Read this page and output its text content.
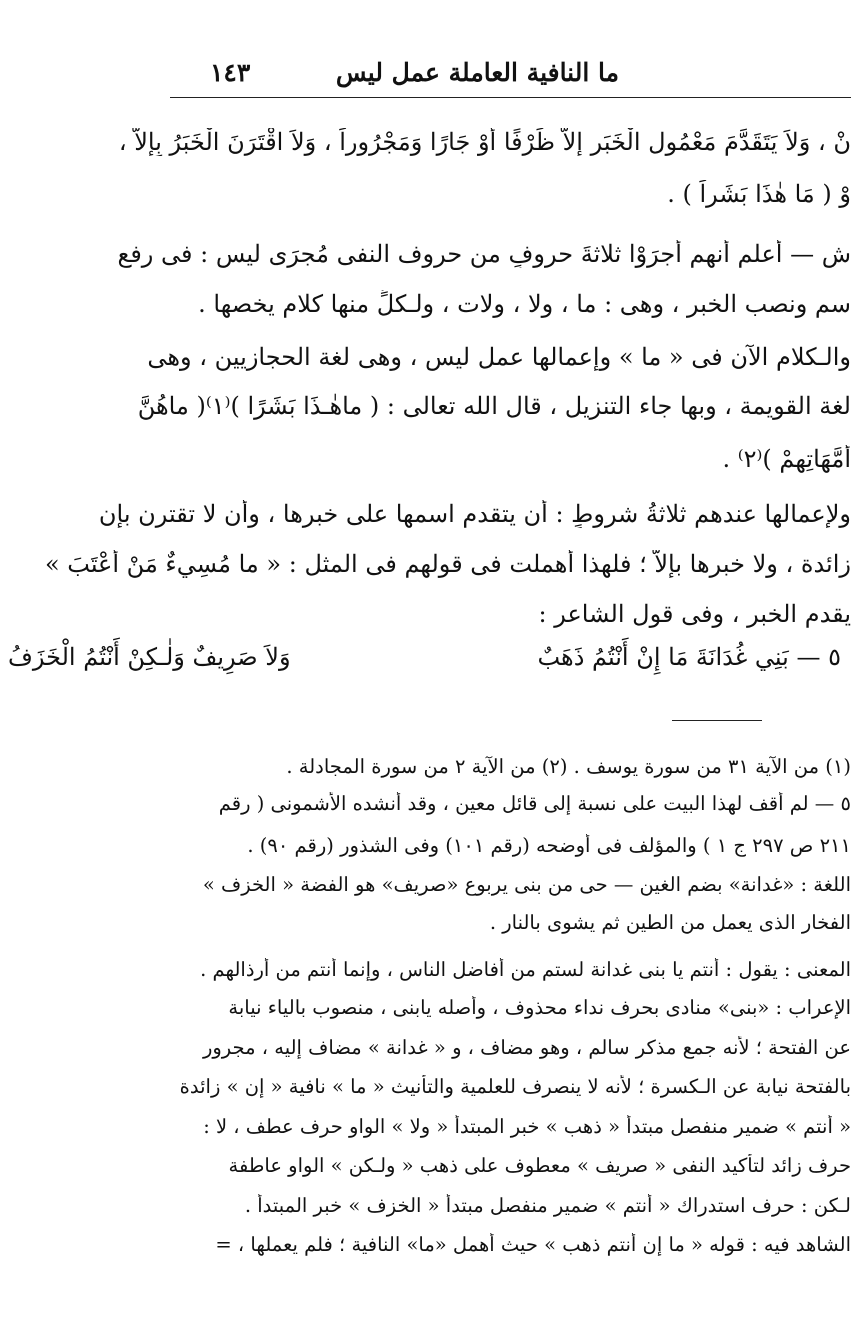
ما النافية العاملة عمل ليس
١٤٣
نْ ، وَلاَ يَتَقَدَّمَ مَعْمُولِ الْخَبَرِ إِلاَّ ظَرْفًا أَوْ جَارًا وَمَجْرُوراً ، وَلاَ اقْتَرَنَ الْخَبَرُ بِإِلاَّ ،
وْ ( مَا هٰذَا بَشَراً ) .
ش — أعلم أنهم أجرَوْا ثلاثةَ حروفٍ من حروف النفى مُجرَى ليس : فى رفع
سم ونصب الخبر ، وهى : ما ، ولا ، ولات ، ولـكلٍّ منها كلام يخصها .
والـكلام الآن فى « ما » وإعمالها عمل ليس ، وهى لغة الحجازيين ، وهى
لغة القويمة ، وبها جاء التنزيل ، قال الله تعالى : ( ماهٰـذَا بَشَرًا )⁽١⁾( ماهُنَّ
أُمَّهَاتِهِمْ )⁽٢⁾ .
ولإعمالها عندهم ثلاثةُ شروطٍ : أن يتقدم اسمها على خبرها ، وأن لا تقترن بإن
زائدة ، ولا خبرها بإلاَّ ؛ فلهذا أهملت فى قولهم فى المثل : « ما مُسِيءٌ مَنْ أَعْتَبَ »
يقدم الخبر ، وفى قول الشاعر :
٥ — بَنِي غُدَانَةَ مَا إِنْ أَنْتُمُ ذَهَبٌ
وَلاَ صَرِيفٌ وَلٰـكِنْ أَنْتُمُ الْخَزَفُ
(١) من الآية ٣١ من سورة يوسف . (٢) من الآية ٢ من سورة المجادلة .
٥ — لم أقف لهذا البيت على نسبة إلى قائل معين ، وقد أنشده الأشمونى ( رقم
٢١١ ص ٢٩٧ ج ١ ) والمؤلف فى أوضحه (رقم ١٠١) وفى الشذور (رقم ٩٠) .
اللغة : «غدانة» بضم الغين — حى من بنى يربوع «صريف» هو الفضة « الخزف »
الفخار الذى يعمل من الطين ثم يشوى بالنار .
المعنى : يقول : أنتم يا بنى غدانة لستم من أفاضل الناس ، وإنما أنتم من أرذالهم .
الإعراب : «بنى» منادى بحرف نداء محذوف ، وأصله يابنى ، منصوب بالياء نيابة
عن الفتحة ؛ لأنه جمع مذكر سالم ، وهو مضاف ، و « غدانة » مضاف إليه ، مجرور
بالفتحة نيابة عن الـكسرة ؛ لأنه لا ينصرف للعلمية والتأنيث « ما » نافية « إن » زائدة
« أنتم » ضمير منفصل مبتدأ « ذهب » خبر المبتدأ « ولا » الواو حرف عطف ، لا :
حرف زائد لتأكيد النفى « صريف » معطوف على ذهب « ولـكن » الواو عاطفة
لـكن : حرف استدراك « أنتم » ضمير منفصل مبتدأ « الخزف » خبر المبتدأ .
الشاهد فيه : قوله « ما إن أنتم ذهب » حيث أهمل «ما» النافية ؛ فلم يعملها ، =
